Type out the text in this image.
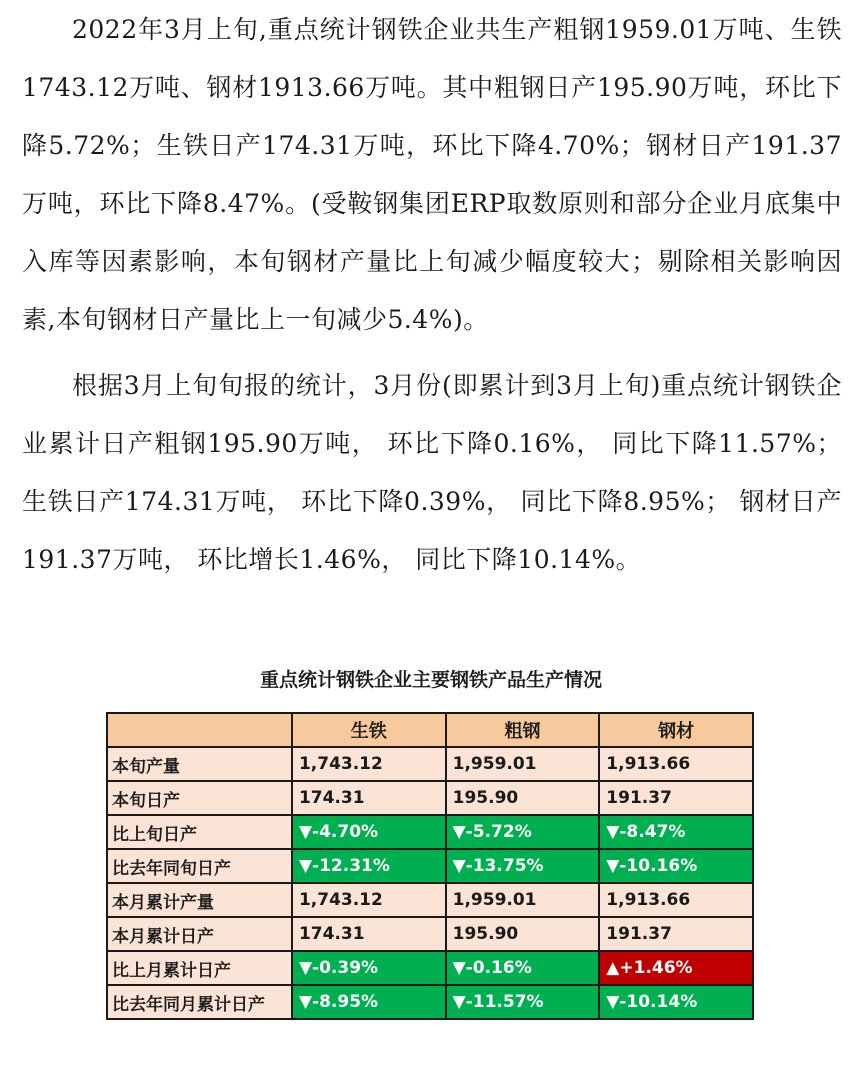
2022年3月上旬,重点统计钢铁企业共生产粗钢1959.01万吨、生铁1743.12万吨、钢材1913.66万吨。其中粗钢日产195.90万吨，环比下降5.72%；生铁日产174.31万吨，环比下降4.70%；钢材日产191.37万吨，环比下降8.47%。(受鞍钢集团ERP取数原则和部分企业月底集中入库等因素影响，本旬钢材产量比上旬减少幅度较大；剔除相关影响因素,本旬钢材日产量比上一旬减少5.4%)。

根据3月上旬旬报的统计，3月份(即累计到3月上旬)重点统计钢铁企业累计日产粗钢195.90万吨， 环比下降0.16%， 同比下降11.57%； 生铁日产174.31万吨， 环比下降0.39%， 同比下降8.95%； 钢材日产 191.37万吨， 环比增长1.46%， 同比下降10.14%。

重点统计钢铁企业主要钢铁产品生产情况
	生铁	粗钢	钢材
本旬产量	1,743.12	1,959.01	1,913.66
本旬日产	174.31	195.90	191.37
比上旬日产	▼-4.70%	▼-5.72%	▼-8.47%
比去年同旬日产	▼-12.31%	▼-13.75%	▼-10.16%
本月累计产量	1,743.12	1,959.01	1,913.66
本月累计日产	174.31	195.90	191.37
比上月累计日产	▼-0.39%	▼-0.16%	▲+1.46%
比去年同月累计日产	▼-8.95%	▼-11.57%	▼-10.14%
